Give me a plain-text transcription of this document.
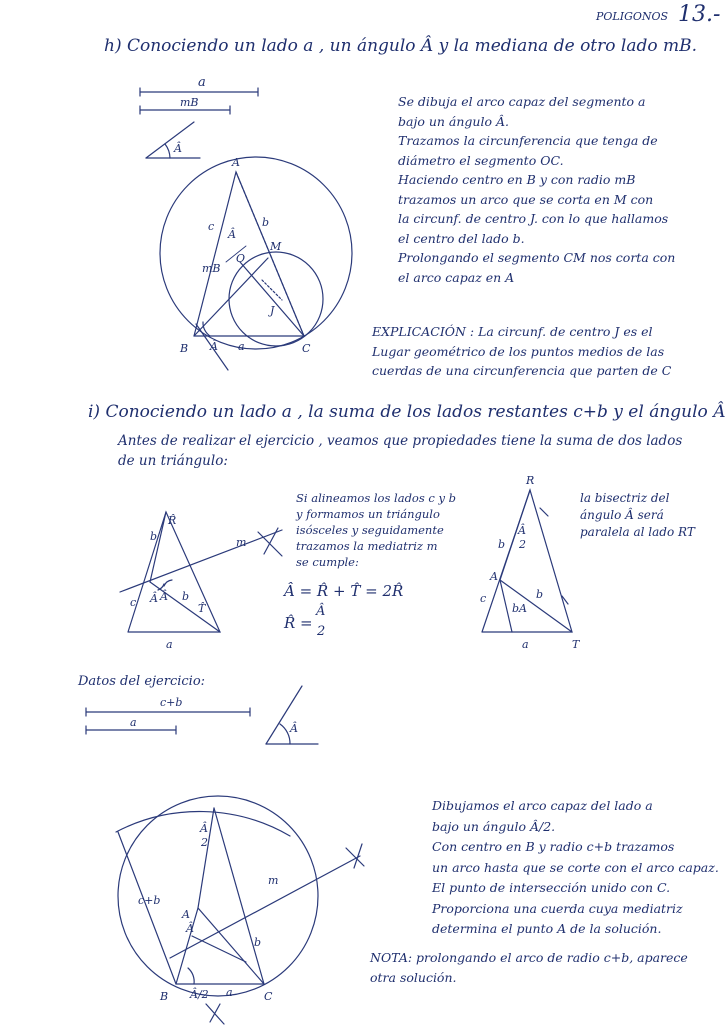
POLIGONOS 13.-
h) Conociendo un lado a , un ángulo Â y la mediana de otro lado mB.
Se dibuja el arco capaz del segmento a
bajo un ángulo Â.
Trazamos la circunferencia que tenga de
diámetro el segmento OC.
Haciendo centro en B y con radio mB
trazamos un arco que se corta en M con
la circunf. de centro J. con lo que hallamos
el centro del lado b.
Prolongando el segmento CM nos corta con
el arco capaz en A
EXPLICACIÓN : La circunf. de centro J es el
Lugar geométrico de los puntos medios de las
cuerdas de una circunferencia que parten de C
i) Conociendo un lado a , la suma de los lados restantes c+b y el ángulo Â
Antes de realizar el ejercicio , veamos que propiedades tiene la suma de dos lados
de un triángulo:
Si alineamos los lados c y b
y formamos un triángulo
isósceles y seguidamente
trazamos la mediatriz m
se cumple:
Â = R̂ + T̂ = 2R̂
R̂ =
Â
2
la bisectriz del
ángulo Â será
paralela al lado RT
Datos del ejercicio:
Dibujamos el arco capaz del lado a
bajo un ángulo Â/2.
Con centro en B y radio c+b trazamos
un arco hasta que se corte con el arco capaz.
El punto de intersección unido con C.
Proporciona una cuerda cuya mediatriz
determina el punto A de la solución.
NOTA: prolongando el arco de radio c+b, aparece
otra solución.
a
mB
Â
A
B	C
O
M
J
b
c
mB
a
Â
Â
R̂
T̂
Â Â
b
c	b
a
m
R
A
T
c
b
b
a
Â
2
bA
c+b
a	Â
B	C
A
c+b
m
a
b
Â/2
Â
2
Â
